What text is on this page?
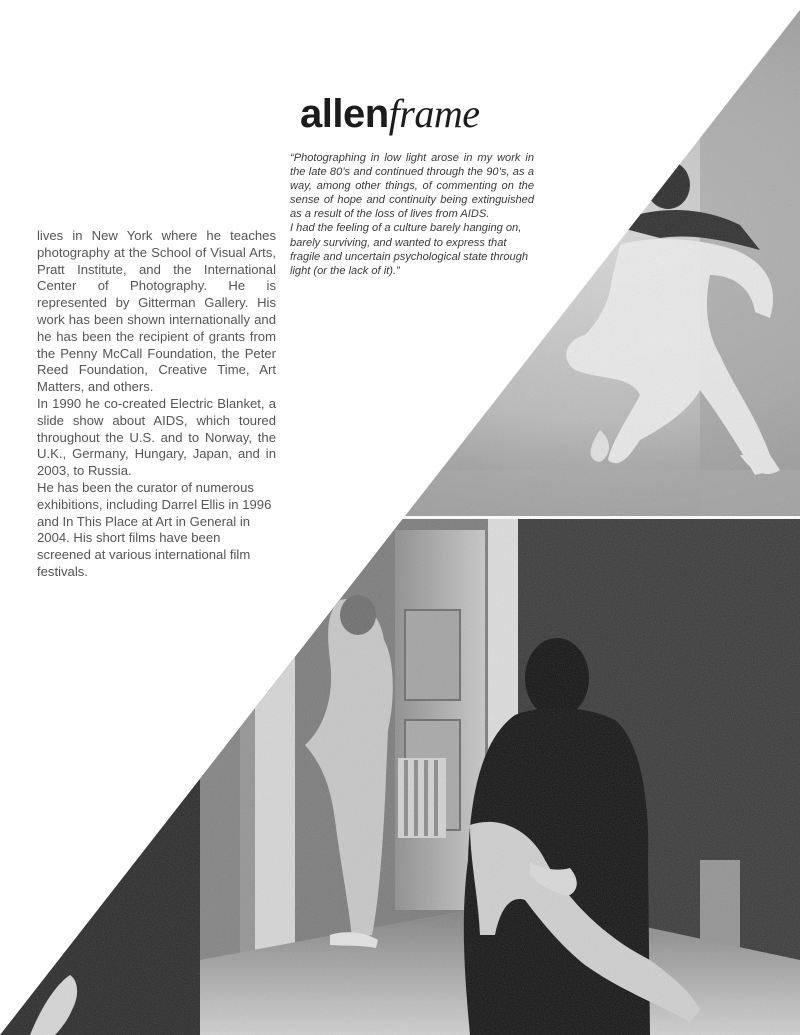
allenframe

“Photographing in low light arose in my work in the late 80’s and continued through the 90’s, as a way, among other things, of commenting on the sense of hope and continuity being extinguished as a result of the loss of lives from AIDS.

I had the feeling of a culture barely hanging on, barely surviving, and wanted to express that fragile and uncertain psychological state through light (or the lack of it).”

lives in New York where he teaches photography at the School of Visual Arts, Pratt Institute, and the International Center of Photography. He is represented by Gitterman Gallery. His work has been shown internationally and he has been the recipient of grants from the Penny McCall Foundation, the Peter Reed Foundation, Creative Time, Art Matters, and others.

In 1990 he co-created Electric Blanket, a slide show about AIDS, which toured throughout the U.S. and to Norway, the U.K., Germany, Hungary, Japan, and in 2003, to Russia.

He has been the curator of numerous exhibitions, including Darrel Ellis in 1996 and In This Place at Art in General in 2004. His short films have been screened at various international film festivals.
